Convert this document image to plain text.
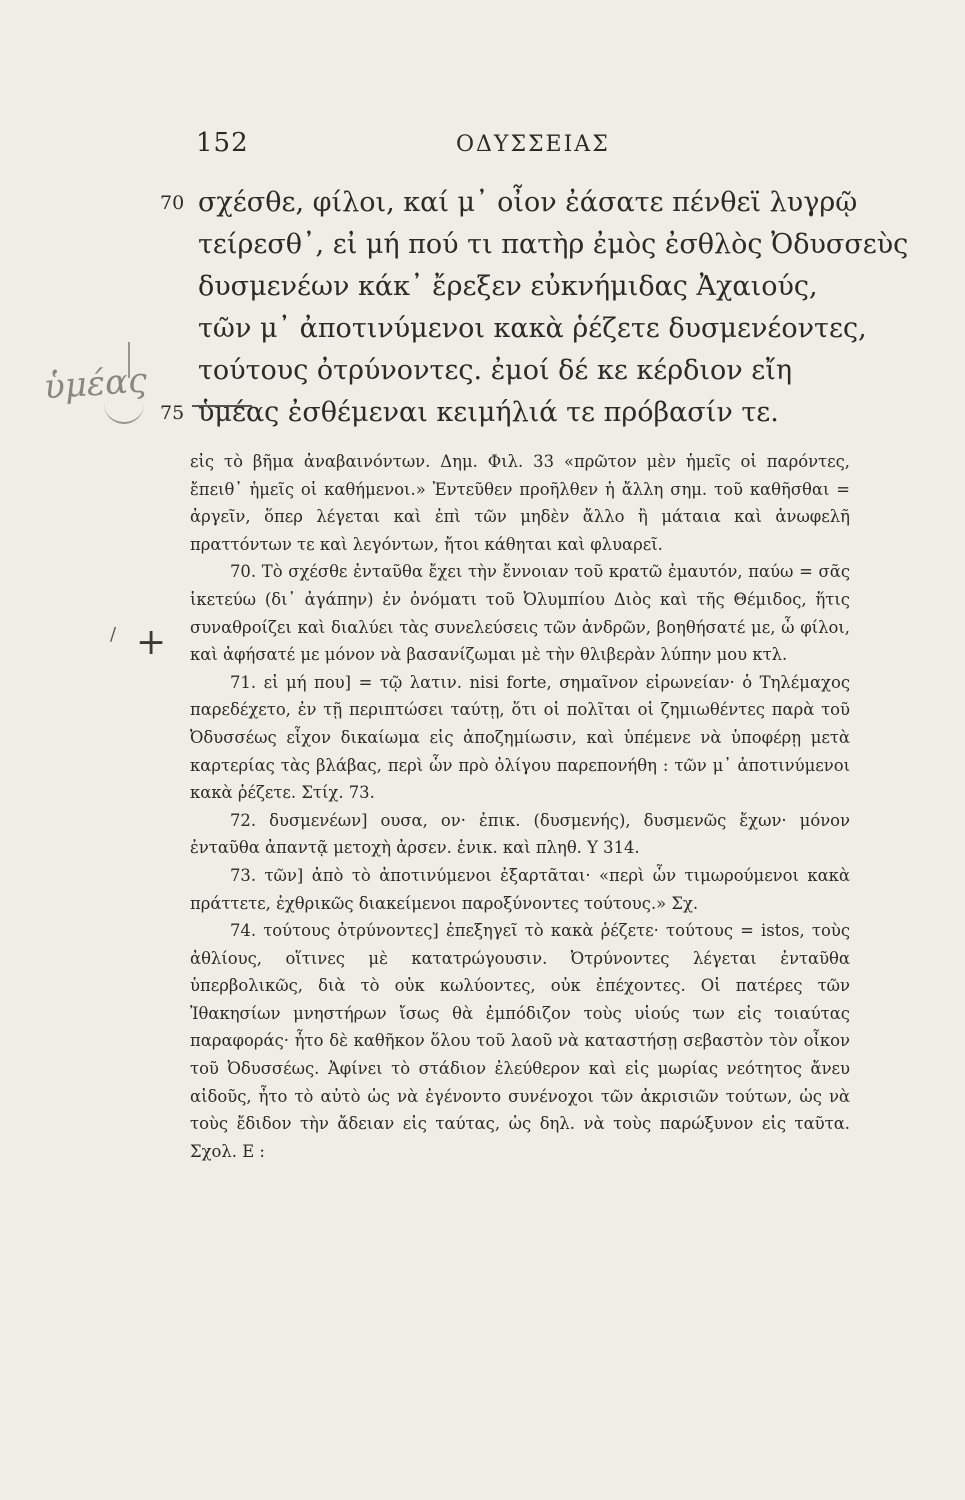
152	ΟΔΥΣΣΕΙΑΣ
70 σχέσθε, φίλοι, καί μ᾽ οἶον ἐάσατε πένθεϊ λυγρῷ
τείρεσθ᾽, εἰ μή πού τι πατὴρ ἐμὸς ἐσθλὸς Ὀδυσσεὺς
δυσμενέων κάκ᾽ ἔρεξεν εὐκνήμιδας Ἀχαιούς,
τῶν μ᾽ ἀποτινύμενοι κακὰ ῥέζετε δυσμενέοντες,
τούτους ὀτρύνοντες. ἐμοί δέ κε κέρδιον εἴη
75 ὑμέας ἐσθέμεναι κειμήλιά τε πρόβασίν τε.
ὑμέας
/ +

εἰς τὸ βῆμα ἀναβαινόντων. Δημ. Φιλ. 33 «πρῶτον μὲν ἡμεῖς οἱ παρόντες, ἔπειθ᾽ ἡμεῖς οἱ καθήμενοι.» Ἐντεῦθεν προῆλθεν ἡ ἄλλη σημ. τοῦ καθῆσθαι = ἀργεῖν, ὅπερ λέγεται καὶ ἐπὶ τῶν μηδὲν ἄλλο ἢ μάταια καὶ ἀνωφελῆ πραττόντων τε καὶ λεγόντων, ἤτοι κάθηται καὶ φλυαρεῖ.

70. Τὸ σχέσθε ἐνταῦθα ἔχει τὴν ἔννοιαν τοῦ κρατῶ ἐμαυτόν, παύω = σᾶς ἱκετεύω (δι᾽ ἀγάπην) ἐν ὀνόματι τοῦ Ὀλυμπίου Διὸς καὶ τῆς Θέμιδος, ἥτις συναθροίζει καὶ διαλύει τὰς συνελεύσεις τῶν ἀνδρῶν, βοηθήσατέ με, ὦ φίλοι, καὶ ἀφήσατέ με μόνον νὰ βασανίζωμαι μὲ τὴν θλιβερὰν λύπην μου κτλ.

71. εἰ μή που] = τῷ λατιν. nisi forte, σημαῖνον εἰρωνείαν· ὁ Τηλέμαχος παρεδέχετο, ἐν τῇ περιπτώσει ταύτῃ, ὅτι οἱ πολῖται οἱ ζημιωθέντες παρὰ τοῦ Ὀδυσσέως εἶχον δικαίωμα εἰς ἀποζημίωσιν, καὶ ὑπέμενε νὰ ὑποφέρῃ μετὰ καρτερίας τὰς βλάβας, περὶ ὧν πρὸ ὀλίγου παρεπονήθη : τῶν μ᾽ ἀποτινύμενοι κακὰ ῥέζετε. Στίχ. 73.

72. δυσμενέων] ουσα, ον· ἐπικ. (δυσμενής), δυσμενῶς ἔχων· μόνον ἐνταῦθα ἀπαντᾷ μετοχὴ ἀρσεν. ἑνικ. καὶ πληθ. Υ 314.

73. τῶν] ἀπὸ τὸ ἀποτινύμενοι ἐξαρτᾶται· «περὶ ὧν τιμωρούμενοι κακὰ πράττετε, ἐχθρικῶς διακείμενοι παροξύνοντες τούτους.» Σχ.

74. τούτους ὀτρύνοντες] ἐπεξηγεῖ τὸ κακὰ ῥέζετε· τούτους = istos, τοὺς ἀθλίους, οἵτινες μὲ κατατρώγουσιν. Ὀτρύνοντες λέγεται ἐνταῦθα ὑπερβολικῶς, διὰ τὸ οὐκ κωλύοντες, οὐκ ἐπέχοντες. Οἱ πατέρες τῶν Ἰθακησίων μνηστήρων ἴσως θὰ ἐμπόδιζον τοὺς υἱούς των εἰς τοιαύτας παραφοράς· ἦτο δὲ καθῆκον ὅλου τοῦ λαοῦ νὰ καταστήσῃ σεβαστὸν τὸν οἶκον τοῦ Ὀδυσσέως. Ἀφίνει τὸ στάδιον ἐλεύθερον καὶ εἰς μωρίας νεότητος ἄνευ αἰδοῦς, ἦτο τὸ αὐτὸ ὡς νὰ ἐγένοντο συνένοχοι τῶν ἀκρισιῶν τούτων, ὡς νὰ τοὺς ἔδιδον τὴν ἄδειαν εἰς ταύτας, ὡς δηλ. νὰ τοὺς παρώξυνον εἰς ταῦτα. Σχολ. Ε :
